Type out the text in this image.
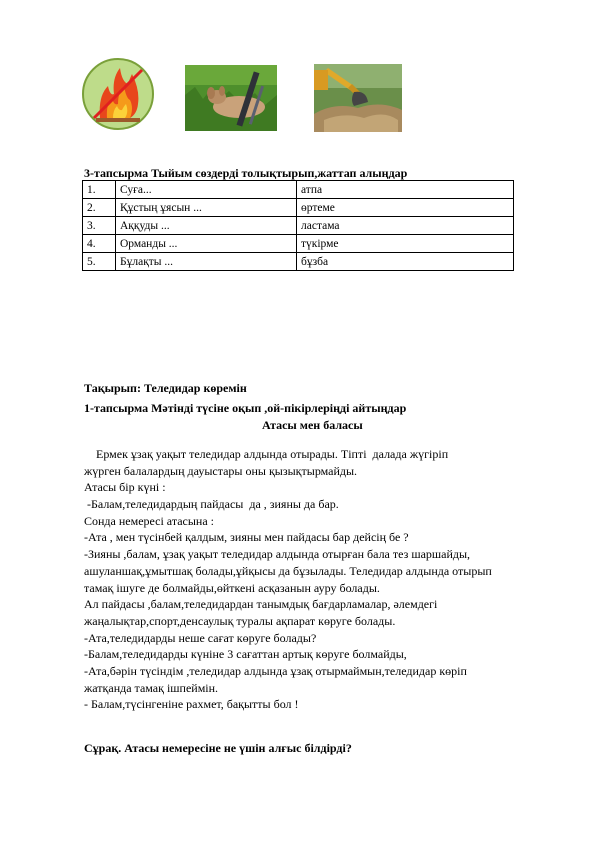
3-тапсырма Тыйым сөздерді толықтырып,жаттап алыңдар
1.	Суға...	атпа
2.	Құстың ұясын ...	өртеме
3.	Аққуды ...	ластама
4.	Орманды ...	түкірме
5.	Бұлақты ...	бұзба
Тақырып: Теледидар көремін
1-тапсырма Мәтінді түсіне оқып ,ой-пікірлеріңді айтыңдар
Атасы мен баласы
Ермек ұзақ уақыт теледидар алдында отырады. Тіпті  далада жүгіріп
жүрген балалардың дауыстары оны қызықтырмайды.
Атасы бір күні :
-Балам,теледидардың пайдасы  да , зияны да бар.
Сонда немересі атасына :
-Ата , мен түсінбей қалдым, зияны мен пайдасы бар дейсің бе ?
-Зияны ,балам, ұзақ уақыт теледидар алдында отырған бала тез шаршайды,
ашуланшақ,ұмытшақ болады,ұйқысы да бұзылады. Теледидар алдында отырып
тамақ ішуге де болмайды,өйткені асқазанын ауру болады.
Ал пайдасы ,балам,теледидардан танымдық бағдарламалар, әлемдегі
жаңалықтар,спорт,денсаулық туралы ақпарат көруге болады.
-Ата,теледидарды неше сағат көруге болады?
-Балам,теледидарды күніне 3 сағаттан артық көруге болмайды,
-Ата,бәрін түсіндім ,теледидар алдында ұзақ отырмаймын,теледидар көріп
жатқанда тамақ ішпеймін.
- Балам,түсінгеніне рахмет, бақытты бол !
Сұрақ. Атасы немересіне не үшін алғыс білдірді?
